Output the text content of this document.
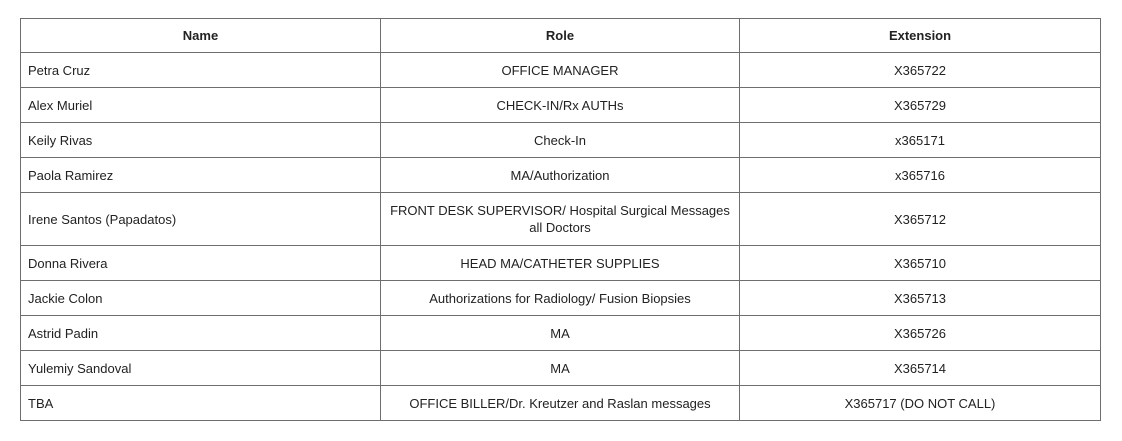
Name	Role	Extension
Petra Cruz	OFFICE MANAGER	X365722
Alex Muriel	CHECK-IN/Rx AUTHs	X365729
Keily Rivas	Check-In	x365171
Paola Ramirez	MA/Authorization	x365716
Irene Santos (Papadatos)	FRONT DESK SUPERVISOR/ Hospital Surgical Messages all Doctors	X365712
Donna Rivera	HEAD MA/CATHETER SUPPLIES	X365710
Jackie Colon	Authorizations for Radiology/ Fusion Biopsies	X365713
Astrid Padin	MA	X365726
Yulemiy Sandoval	MA	X365714
TBA	OFFICE BILLER/Dr. Kreutzer and Raslan messages	X365717 (DO NOT CALL)
